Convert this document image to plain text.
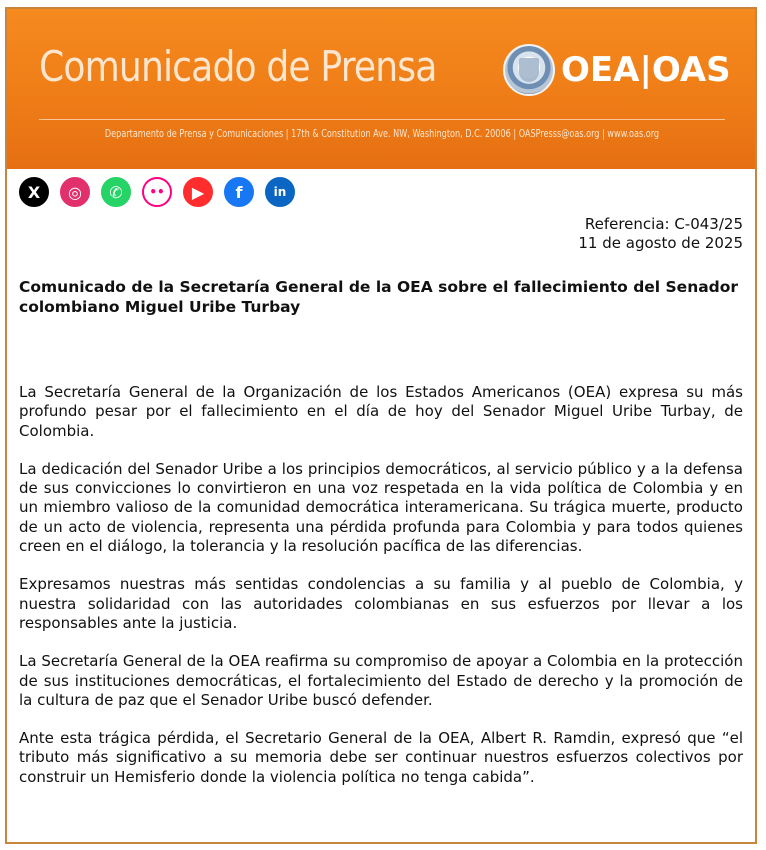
Comunicado de Prensa	OEA|OAS
Departamento de Prensa y Comunicaciones | 17th & Constitution Ave. NW, Washington, D.C. 20006 | OASPresss@oas.org | www.oas.org
X	◎	✆	••	▶	f	in
Referencia: C-043/25
11 de agosto de 2025
Comunicado de la Secretaría General de la OEA sobre el fallecimiento del Senador colombiano Miguel Uribe Turbay

La Secretaría General de la Organización de los Estados Americanos (OEA) expresa su más profundo pesar por el fallecimiento en el día de hoy del Senador Miguel Uribe Turbay, de Colombia.

La dedicación del Senador Uribe a los principios democráticos, al servicio público y a la defensa de sus convicciones lo convirtieron en una voz respetada en la vida política de Colombia y en un miembro valioso de la comunidad democrática interamericana. Su trágica muerte, producto de un acto de violencia, representa una pérdida profunda para Colombia y para todos quienes creen en el diálogo, la tolerancia y la resolución pacífica de las diferencias.

Expresamos nuestras más sentidas condolencias a su familia y al pueblo de Colombia, y nuestra solidaridad con las autoridades colombianas en sus esfuerzos por llevar a los responsables ante la justicia.

La Secretaría General de la OEA reafirma su compromiso de apoyar a Colombia en la protección de sus instituciones democráticas, el fortalecimiento del Estado de derecho y la promoción de la cultura de paz que el Senador Uribe buscó defender.

Ante esta trágica pérdida, el Secretario General de la OEA, Albert R. Ramdin, expresó que “el tributo más significativo a su memoria debe ser continuar nuestros esfuerzos colectivos por construir un Hemisferio donde la violencia política no tenga cabida”.
